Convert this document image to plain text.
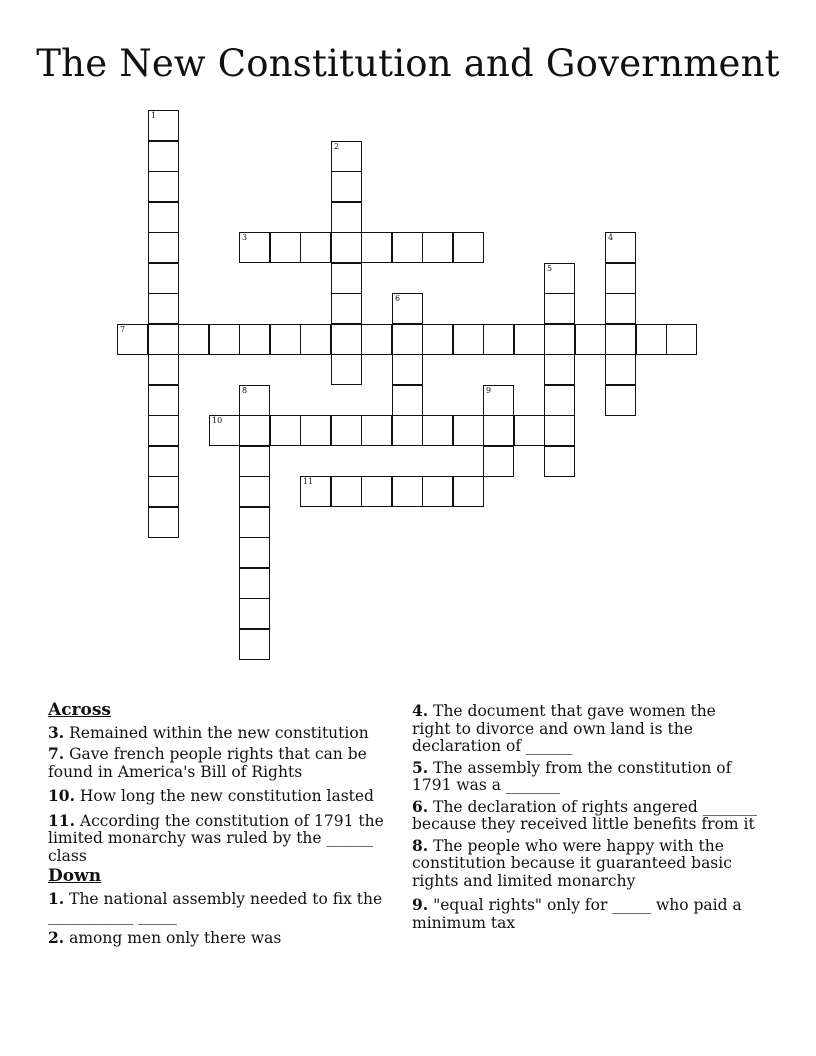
The New Constitution and Government
1
2
3	4
5
6
7
8	9
10
11
Across
3. Remained within the new constitution
7. Gave french people rights that can be found in America's Bill of Rights
10. How long the new constitution lasted
11. According the constitution of 1791 the limited monarchy was ruled by the ______ class
Down
1. The national assembly needed to fix the ___________ _____
2. among men only there was
4. The document that gave women the right to divorce and own land is the declaration of ______
5. The assembly from the constitution of 1791 was a _______
6. The declaration of rights angered _______ because they received little benefits from it
8. The people who were happy with the constitution because it guaranteed basic rights and limited monarchy
9. "equal rights" only for _____ who paid a minimum tax
